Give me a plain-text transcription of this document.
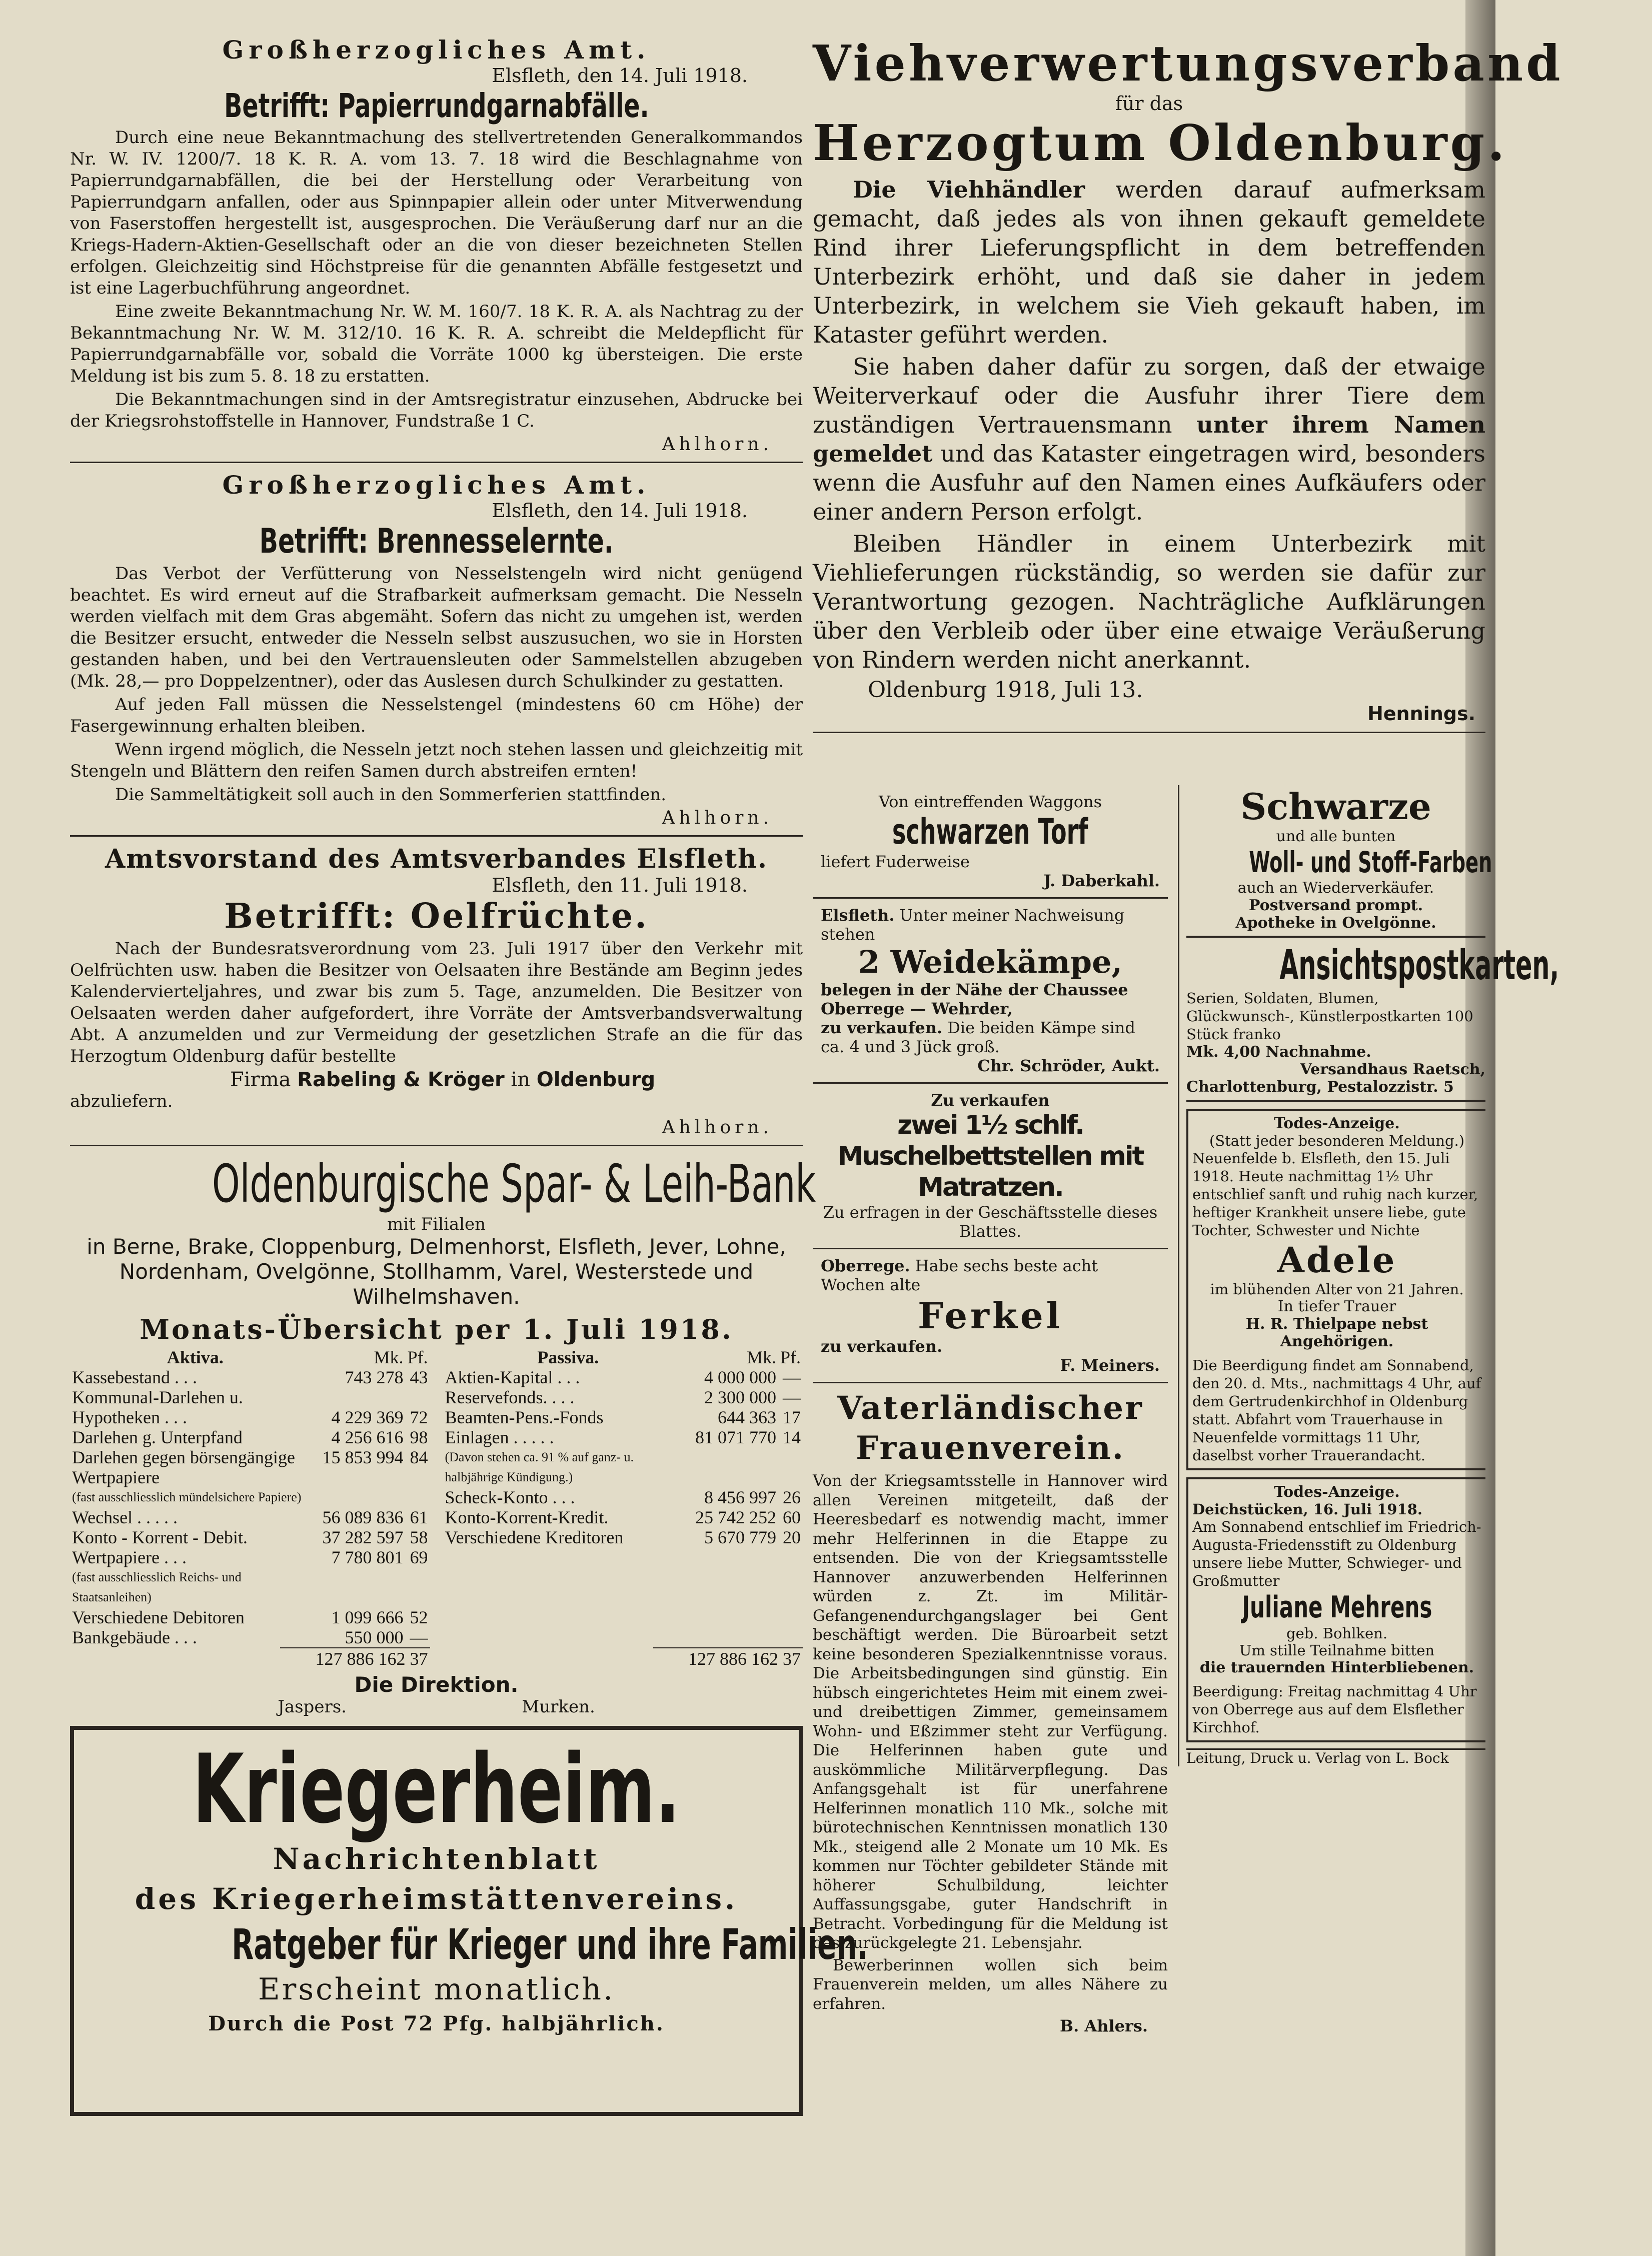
Großherzogliches Amt.
Elsfleth, den 14. Juli 1918.
Betrifft: Papierrundgarnabfälle.

Durch eine neue Bekanntmachung des stellvertretenden Generalkommandos Nr. W. IV. 1200/7. 18 K. R. A. vom 13. 7. 18 wird die Beschlagnahme von Papierrundgarnabfällen, die bei der Herstellung oder Verarbeitung von Papierrundgarn anfallen, oder aus Spinnpapier allein oder unter Mitverwendung von Faserstoffen hergestellt ist, ausgesprochen. Die Veräußerung darf nur an die Kriegs-Hadern-Aktien-Gesellschaft oder an die von dieser bezeichneten Stellen erfolgen. Gleichzeitig sind Höchstpreise für die genannten Abfälle festgesetzt und ist eine Lagerbuchführung angeordnet.

Eine zweite Bekanntmachung Nr. W. M. 160/7. 18 K. R. A. als Nachtrag zu der Bekanntmachung Nr. W. M. 312/10. 16 K. R. A. schreibt die Meldepflicht für Papierrundgarnabfälle vor, sobald die Vorräte 1000 kg übersteigen. Die erste Meldung ist bis zum 5. 8. 18 zu erstatten.

Die Bekanntmachungen sind in der Amtsregistratur einzusehen, Abdrucke bei der Kriegsrohstoffstelle in Hannover, Fundstraße 1 C.

Ahlhorn.
Großherzogliches Amt.
Elsfleth, den 14. Juli 1918.
Betrifft: Brennesselernte.

Das Verbot der Verfütterung von Nesselstengeln wird nicht genügend beachtet. Es wird erneut auf die Strafbarkeit aufmerksam gemacht. Die Nesseln werden vielfach mit dem Gras abgemäht. Sofern das nicht zu umgehen ist, werden die Besitzer ersucht, entweder die Nesseln selbst auszusuchen, wo sie in Horsten gestanden haben, und bei den Vertrauensleuten oder Sammelstellen abzugeben (Mk. 28,— pro Doppelzentner), oder das Auslesen durch Schulkinder zu gestatten.

Auf jeden Fall müssen die Nesselstengel (mindestens 60 cm Höhe) der Fasergewinnung erhalten bleiben.

Wenn irgend möglich, die Nesseln jetzt noch stehen lassen und gleichzeitig mit Stengeln und Blättern den reifen Samen durch abstreifen ernten!

Die Sammeltätigkeit soll auch in den Sommerferien stattfinden.

Ahlhorn.
Amtsvorstand des Amtsverbandes Elsfleth.
Elsfleth, den 11. Juli 1918.
Betrifft: Oelfrüchte.

Nach der Bundesratsverordnung vom 23. Juli 1917 über den Verkehr mit Oelfrüchten usw. haben die Besitzer von Oelsaaten ihre Bestände am Beginn jedes Kalendervierteljahres, und zwar bis zum 5. Tage, anzumelden. Die Besitzer von Oelsaaten werden daher aufgefordert, ihre Vorräte der Amtsverbandsverwaltung Abt. A anzumelden und zur Vermeidung der gesetzlichen Strafe an die für das Herzogtum Oldenburg dafür bestellte

Firma Rabeling & Kröger in Oldenburg
abzuliefern.
Ahlhorn.
Oldenburgische Spar- & Leih-Bank
mit Filialen
in Berne, Brake, Cloppenburg, Delmenhorst, Elsfleth, Jever, Lohne, Nordenham, Ovelgönne, Stollhamm, Varel, Westerstede und Wilhelmshaven.
Monats-Übersicht per 1. Juli 1918.
Aktiva.	Mk.	Pf.
Kassebestand . . .	743 278	43
Kommunal-Darlehen u.		
Hypotheken . . .	4 229 369	72
Darlehen g. Unterpfand	4 256 616	98
Darlehen gegen börsengängige Wertpapiere	15 853 994	84
(fast ausschliesslich mündelsichere Papiere)		
Wechsel . . . . .	56 089 836	61
Konto - Korrent - Debit.	37 282 597	58
Wertpapiere . . .	7 780 801	69
(fast ausschliesslich Reichs- und Staatsanleihen)		
Verschiedene Debitoren	1 099 666	52
Bankgebäude . . .	550 000	—
Passiva.	Mk.	Pf.
Aktien-Kapital . . .	4 000 000	—
Reservefonds. . . .	2 300 000	—
Beamten-Pens.-Fonds	644 363	17
Einlagen . . . . .	81 071 770	14
(Davon stehen ca. 91 % auf ganz- u. halbjährige Kündigung.)		
Scheck-Konto . . .	8 456 997	26
Konto-Korrent-Kredit.	25 742 252	60
Verschiedene Kreditoren	5 670 779	20
127 886 162 37	127 886 162 37
Die Direktion.
Jaspers.	Murken.
Kriegerheim.
Nachrichtenblatt
des Kriegerheimstättenvereins.
Ratgeber für Krieger und ihre Familien.
Erscheint monatlich.
Durch die Post 72 Pfg. halbjährlich.
Viehverwertungsverband
für das
Herzogtum Oldenburg.

Die Viehhändler werden darauf aufmerksam gemacht, daß jedes als von ihnen gekauft gemeldete Rind ihrer Lieferungspflicht in dem betreffenden Unterbezirk erhöht, und daß sie daher in jedem Unterbezirk, in welchem sie Vieh gekauft haben, im Kataster geführt werden.

Sie haben daher dafür zu sorgen, daß der etwaige Weiterverkauf oder die Ausfuhr ihrer Tiere dem zuständigen Vertrauensmann unter ihrem Namen gemeldet und das Kataster eingetragen wird, besonders wenn die Ausfuhr auf den Namen eines Aufkäufers oder einer andern Person erfolgt.

Bleiben Händler in einem Unterbezirk mit Viehlieferungen rückständig, so werden sie dafür zur Verantwortung gezogen. Nachträgliche Aufklärungen über den Verbleib oder über eine etwaige Veräußerung von Rindern werden nicht anerkannt.

Oldenburg 1918, Juli 13.
Hennings.
Von eintreffenden Waggons
schwarzen Torf
liefert Fuderweise
J. Daberkahl.
Elsfleth. Unter meiner Nachweisung stehen
2 Weidekämpe,
belegen in der Nähe der Chaussee Oberrege — Wehrder,
zu verkaufen. Die beiden Kämpe sind ca. 4 und 3 Jück groß.
Chr. Schröder, Aukt.
Zu verkaufen
zwei 1½ schlf. Muschelbettstellen mit Matratzen.
Zu erfragen in der Geschäftsstelle dieses Blattes.
Oberrege. Habe sechs beste acht Wochen alte
Ferkel
zu verkaufen.
F. Meiners.
Vaterländischer Frauenverein.

Von der Kriegsamtsstelle in Hannover wird allen Vereinen mitgeteilt, daß der Heeresbedarf es notwendig macht, immer mehr Helferinnen in die Etappe zu entsenden. Die von der Kriegsamtsstelle Hannover anzuwerbenden Helferinnen würden z. Zt. im Militär-Gefangenendurchgangslager bei Gent beschäftigt werden. Die Büroarbeit setzt keine besonderen Spezialkenntnisse voraus. Die Arbeitsbedingungen sind günstig. Ein hübsch eingerichtetes Heim mit einem zwei- und dreibettigen Zimmer, gemeinsamem Wohn- und Eßzimmer steht zur Verfügung. Die Helferinnen haben gute und auskömmliche Militärverpflegung. Das Anfangsgehalt ist für unerfahrene Helferinnen monatlich 110 Mk., solche mit bürotechnischen Kenntnissen monatlich 130 Mk., steigend alle 2 Monate um 10 Mk. Es kommen nur Töchter gebildeter Stände mit höherer Schulbildung, leichter Auffassungsgabe, guter Handschrift in Betracht. Vorbedingung für die Meldung ist das zurückgelegte 21. Lebensjahr.

Bewerberinnen wollen sich beim Frauenverein melden, um alles Nähere zu erfahren.

B. Ahlers.
Schwarze
und alle bunten
Woll- und Stoff-Farben
auch an Wiederverkäufer.
Postversand prompt.
Apotheke in Ovelgönne.
Ansichtspostkarten,
Serien, Soldaten, Blumen, Glückwunsch-, Künstlerpostkarten 100 Stück franko
Mk. 4,00 Nachnahme.
Versandhaus Raetsch,
Charlottenburg, Pestalozzistr. 5
Todes-Anzeige.
(Statt jeder besonderen Meldung.)
Neuenfelde b. Elsfleth, den 15. Juli 1918. Heute nachmittag 1½ Uhr entschlief sanft und ruhig nach kurzer, heftiger Krankheit unsere liebe, gute Tochter, Schwester und Nichte
Adele
im blühenden Alter von 21 Jahren.
In tiefer Trauer
H. R. Thielpape nebst Angehörigen.
Die Beerdigung findet am Sonnabend, den 20. d. Mts., nachmittags 4 Uhr, auf dem Gertrudenkirchhof in Oldenburg statt. Abfahrt vom Trauerhause in Neuenfelde vormittags 11 Uhr, daselbst vorher Trauerandacht.
Todes-Anzeige.
Deichstücken, 16. Juli 1918.
Am Sonnabend entschlief im Friedrich-Augusta-Friedensstift zu Oldenburg unsere liebe Mutter, Schwieger- und Großmutter
Juliane Mehrens
geb. Bohlken.
Um stille Teilnahme bitten
die trauernden Hinterbliebenen.
Beerdigung: Freitag nachmittag 4 Uhr von Oberrege aus auf dem Elsflether Kirchhof.
Leitung, Druck u. Verlag von L. Bock
